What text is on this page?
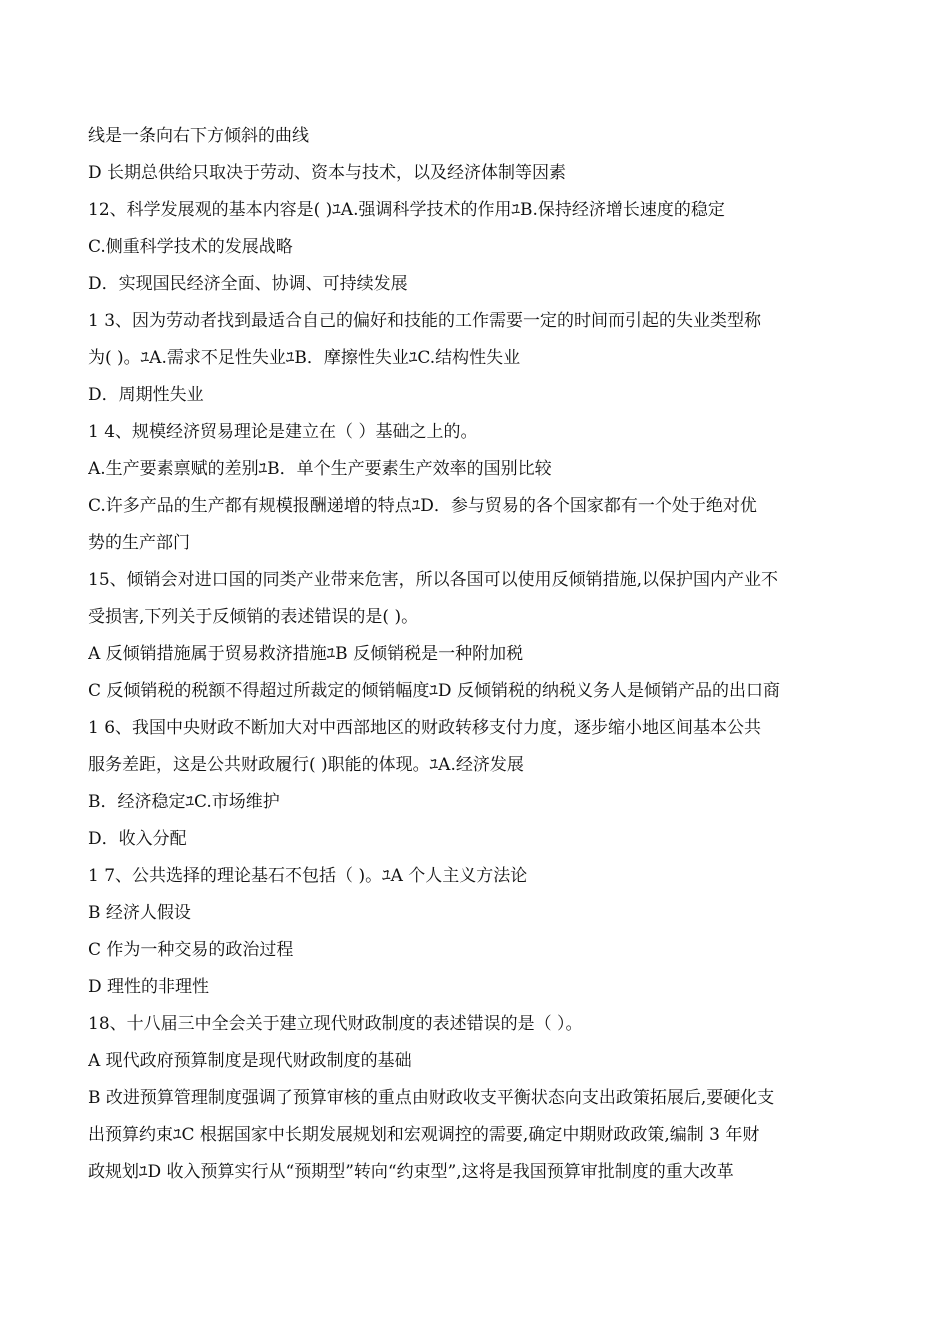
线是一条向右下方倾斜的曲线
D 长期总供给只取决于劳动、资本与技术，以及经济体制等因素
12、科学发展观的基本内容是( )ﾕA.强调科学技术的作用ﾕB.保持经济增长速度的稳定
C.侧重科学技术的发展战略
D．实现国民经济全面、协调、可持续发展
1 3、因为劳动者找到最适合自己的偏好和技能的工作需要一定的时间而引起的失业类型称
为( )。ﾕA.需求不足性失业ﾕB．摩擦性失业ﾕC.结构性失业
D．周期性失业
1 4、规模经济贸易理论是建立在（ ）基础之上的。
A.生产要素禀赋的差别ﾕB．单个生产要素生产效率的国别比较
C.许多产品的生产都有规模报酬递增的特点ﾕD．参与贸易的各个国家都有一个处于绝对优
势的生产部门
15、倾销会对进口国的同类产业带来危害，所以各国可以使用反倾销措施,以保护国内产业不
受损害,下列关于反倾销的表述错误的是( )。
A 反倾销措施属于贸易救济措施ﾕB 反倾销税是一种附加税
C 反倾销税的税额不得超过所裁定的倾销幅度ﾕD 反倾销税的纳税义务人是倾销产品的出口商
1 6、我国中央财政不断加大对中西部地区的财政转移支付力度，逐步缩小地区间基本公共
服务差距，这是公共财政履行( )职能的体现。ﾕA.经济发展
B．经济稳定ﾕC.市场维护
D．收入分配
1 7、公共选择的理论基石不包括（ )。ﾕA 个人主义方法论
B 经济人假设
C 作为一种交易的政治过程
D 理性的非理性
18、十八届三中全会关于建立现代财政制度的表述错误的是（ ）。
A 现代政府预算制度是现代财政制度的基础
B 改进预算管理制度强调了预算审核的重点由财政收支平衡状态向支出政策拓展后,要硬化支
出预算约束ﾕC 根据国家中长期发展规划和宏观调控的需要,确定中期财政政策,编制 3 年财
政规划ﾕD 收入预算实行从“预期型”转向“约束型”,这将是我国预算审批制度的重大改革
